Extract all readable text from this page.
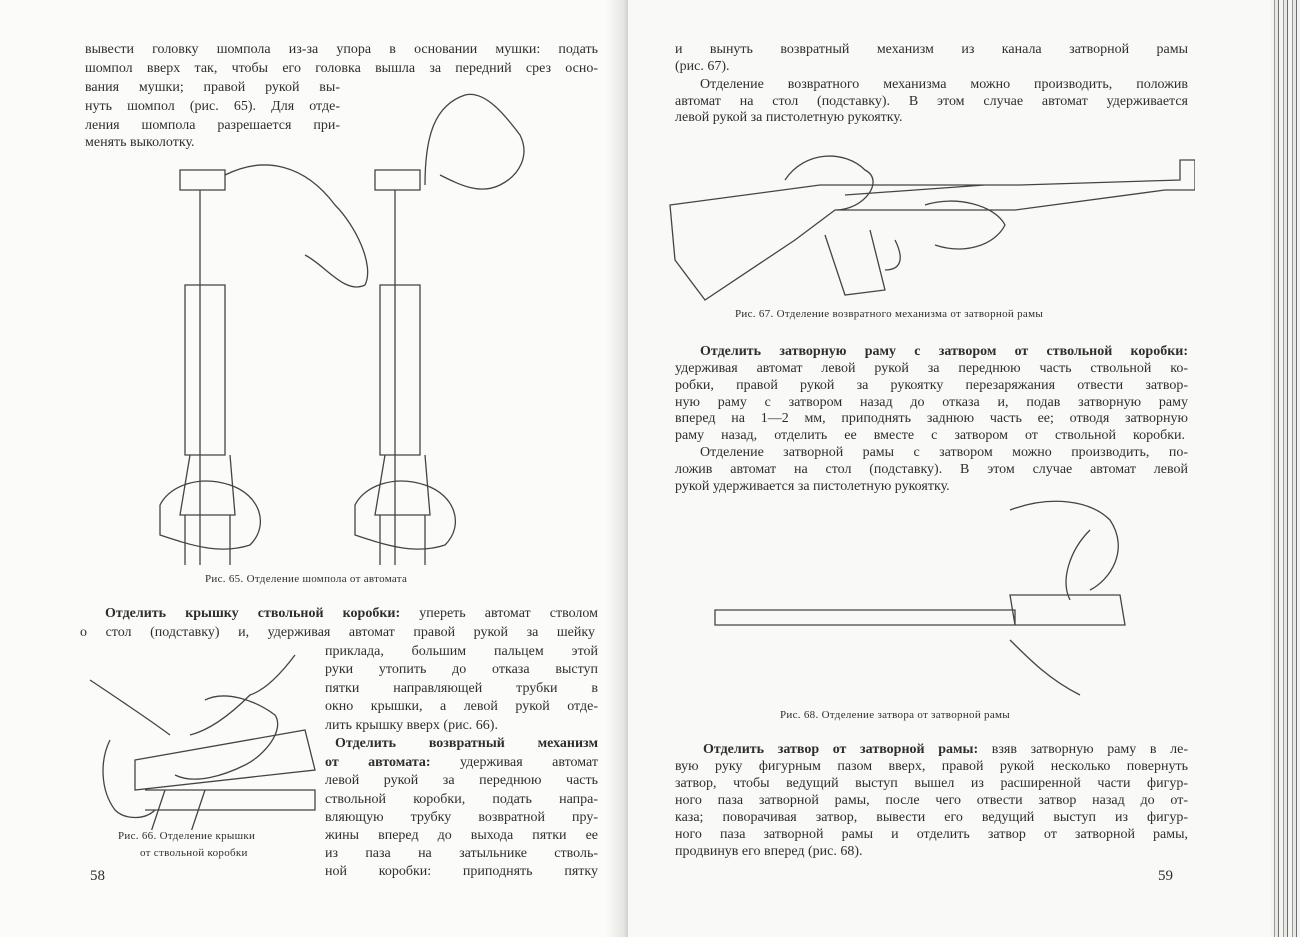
вывести головку шомпола из-за упора в основании мушки: подать
шомпол вверх так, чтобы его головка вышла за передний срез осно-
вания мушки; правой рукой вы-
нуть шомпол (рис. 65). Для отде-
ления шомпола разрешается при-
менять выколотку.
Рис. 65. Отделение шомпола от автомата
Отделить крышку ствольной коробки: упереть автомат стволом
о стол (подставку) и, удерживая автомат правой рукой за шейку
приклада, большим пальцем этой
руки утопить до отказа выступ
пятки направляющей трубки в
окно крышки, а левой рукой отде-
лить крышку вверх (рис. 66).
Отделить возвратный механизм
от автомата: удерживая автомат
левой рукой за переднюю часть
ствольной коробки, подать напра-
вляющую трубку возвратной пру-
жины вперед до выхода пятки ее
из паза на затыльнике стволь-
ной коробки: приподнять пятку
Рис. 66. Отделение крышки
от ствольной коробки
58
и вынуть возвратный механизм из канала затворной рамы
(рис. 67).
Отделение возвратного механизма можно производить, положив
автомат на стол (подставку). В этом случае автомат удерживается
левой рукой за пистолетную рукоятку.
Рис. 67. Отделение возвратного механизма от затворной рамы
Отделить затворную раму с затвором от ствольной коробки:
удерживая автомат левой рукой за переднюю часть ствольной ко-
робки, правой рукой за рукоятку перезаряжания отвести затвор-
ную раму с затвором назад до отказа и, подав затворную раму
вперед на 1—2 мм, приподнять заднюю часть ее; отводя затворную
раму назад, отделить ее вместе с затвором от ствольной коробки.
Отделение затворной рамы с затвором можно производить, по-
ложив автомат на стол (подставку). В этом случае автомат левой
рукой удерживается за пистолетную рукоятку.
Рис. 68. Отделение затвора от затворной рамы
Отделить затвор от затворной рамы: взяв затворную раму в ле-
вую руку фигурным пазом вверх, правой рукой несколько повернуть
затвор, чтобы ведущий выступ вышел из расширенной части фигур-
ного паза затворной рамы, после чего отвести затвор назад до от-
каза; поворачивая затвор, вывести его ведущий выступ из фигур-
ного паза затворной рамы и отделить затвор от затворной рамы,
продвинув его вперед (рис. 68).
59
